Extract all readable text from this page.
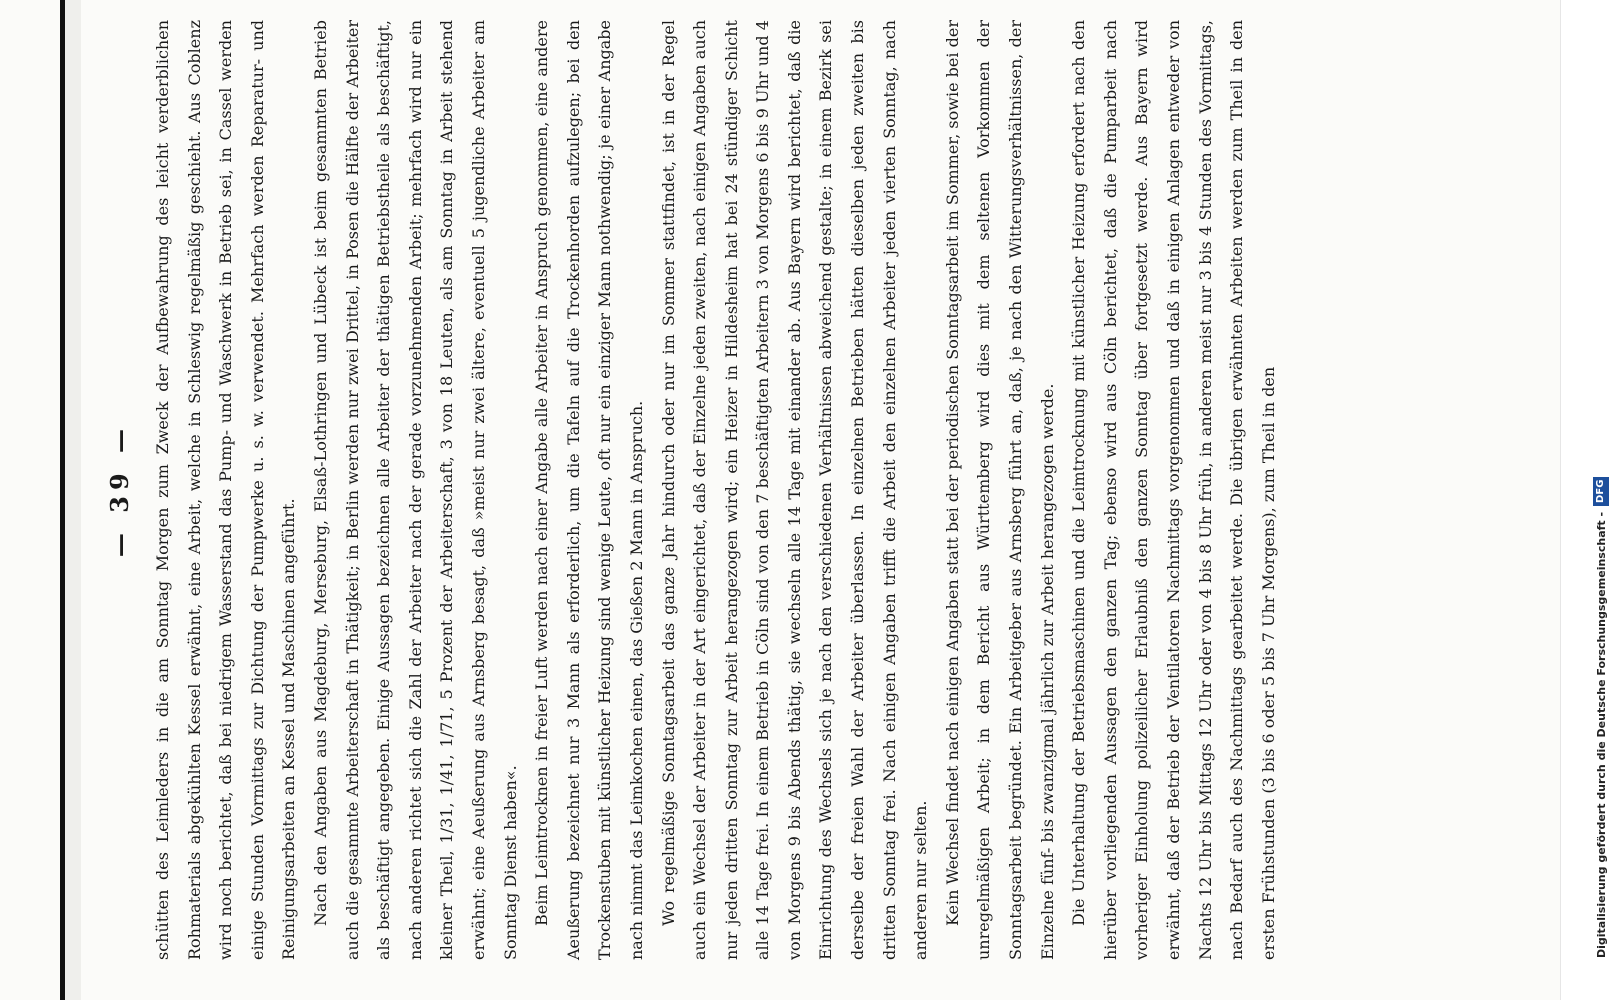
— 39 —	schütten des Leimleders in die am Sonntag Morgen zum Zweck der Aufbewahrung des leicht verderblichen Rohmaterials abgekühlten Kessel erwähnt, eine Arbeit, welche in Schleswig regelmäßig geschieht. Aus Coblenz wird noch berichtet, daß bei niedrigem Wasserstand das Pump- und Waschwerk in Betrieb sei, in Cassel werden einige Stunden Vormittags zur Dichtung der Pumpwerke u. s. w. verwendet. Mehrfach werden Reparatur- und Reinigungsarbeiten an Kessel und Maschinen angeführt. Nach den Angaben aus Magdeburg, Merseburg, Elsaß-Lothringen und Lübeck ist beim gesammten Betrieb auch die gesammte Arbeiterschaft in Thätigkeit; in Berlin werden nur zwei Drittel, in Posen die Hälfte der Arbeiter als beschäftigt angegeben. Einige Aussagen bezeichnen alle Arbeiter der thätigen Betriebstheile als beschäftigt, nach anderen richtet sich die Zahl der Arbeiter nach der gerade vorzunehmenden Arbeit; mehrfach wird nur ein kleiner Theil, 1/31, 1/41, 1/71, 5 Prozent der Arbeiterschaft, 3 von 18 Leuten, als am Sonntag in Arbeit stehend erwähnt; eine Aeußerung aus Arnsberg besagt, daß »meist nur zwei ältere, eventuell 5 jugendliche Arbeiter am Sonntag Dienst haben«. Beim Leimtrocknen in freier Luft werden nach einer Angabe alle Arbeiter in Anspruch genommen, eine andere Aeußerung bezeichnet nur 3 Mann als erforderlich, um die Tafeln auf die Trockenhorden aufzulegen; bei den Trockenstuben mit künstlicher Heizung sind wenige Leute, oft nur ein einziger Mann nothwendig; je einer Angabe nach nimmt das Leimkochen einen, das Gießen 2 Mann in Anspruch. Wo regelmäßige Sonntagsarbeit das ganze Jahr hindurch oder nur im Sommer stattfindet, ist in der Regel auch ein Wechsel der Arbeiter in der Art eingerichtet, daß der Einzelne jeden zweiten, nach einigen Angaben auch nur jeden dritten Sonntag zur Arbeit herangezogen wird; ein Heizer in Hildesheim hat bei 24 stündiger Schicht alle 14 Tage frei. In einem Betrieb in Cöln sind von den 7 beschäftigten Arbeitern 3 von Morgens 6 bis 9 Uhr und 4 von Morgens 9 bis Abends thätig, sie wechseln alle 14 Tage mit einander ab. Aus Bayern wird berichtet, daß die Einrichtung des Wechsels sich je nach den verschiedenen Verhältnissen abweichend gestalte; in einem Bezirk sei derselbe der freien Wahl der Arbeiter überlassen. In einzelnen Betrieben hätten dieselben jeden zweiten bis dritten Sonntag frei. Nach einigen Angaben trifft die Arbeit den einzelnen Arbeiter jeden vierten Sonntag, nach anderen nur selten. Kein Wechsel findet nach einigen Angaben statt bei der periodischen Sonntagsarbeit im Sommer, sowie bei der unregelmäßigen Arbeit; in dem Bericht aus Württemberg wird dies mit dem seltenen Vorkommen der Sonntagsarbeit begründet. Ein Arbeitgeber aus Arnsberg führt an, daß, je nach den Witterungsverhältnissen, der Einzelne fünf- bis zwanzigmal jährlich zur Arbeit herangezogen werde. Die Unterhaltung der Betriebsmaschinen und die Leimtrocknung mit künstlicher Heizung erfordert nach den hierüber vorliegenden Aussagen den ganzen Tag; ebenso wird aus Cöln berichtet, daß die Pumparbeit nach vorheriger Einholung polizeilicher Erlaubniß den ganzen Sonntag über fortgesetzt werde. Aus Bayern wird erwähnt, daß der Betrieb der Ventilatoren Nachmittags vorgenommen und daß in einigen Anlagen entweder von Nachts 12 Uhr bis Mittags 12 Uhr oder von 4 bis 8 Uhr früh, in anderen meist nur 3 bis 4 Stunden des Vormittags, nach Bedarf auch des Nachmittags gearbeitet werde. Die übrigen erwähnten Arbeiten werden zum Theil in den ersten Frühstunden (3 bis 6 oder 5 bis 7 Uhr Morgens), zum Theil in den	Digitalisierung gefördert durch die Deutsche Forschungsgemeinschaft -
DFG
